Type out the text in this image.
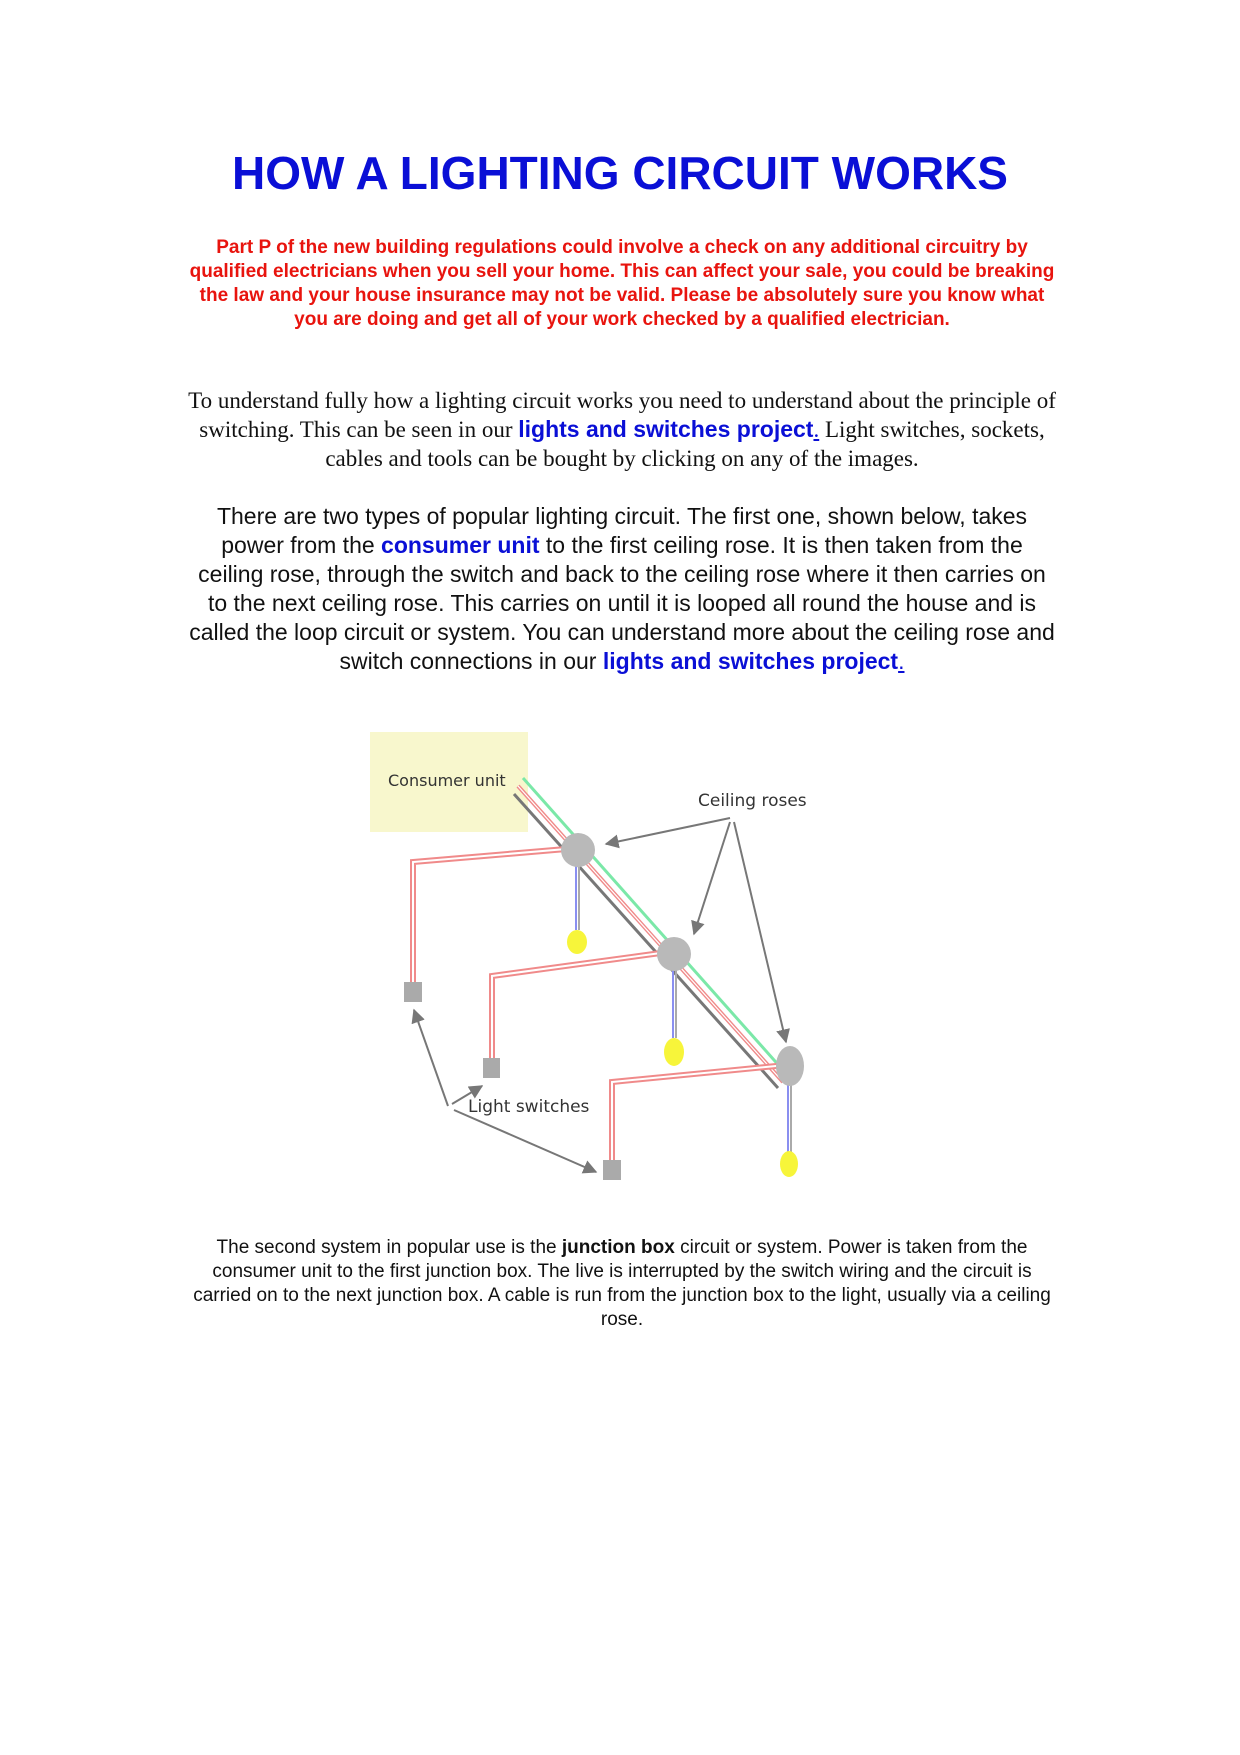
HOW A LIGHTING CIRCUIT WORKS

Part P of the new building regulations could involve a check on any additional circuitry by qualified electricians when you sell your home. This can affect your sale, you could be breaking the law and your house insurance may not be valid. Please be absolutely sure you know what you are doing and get all of your work checked by a qualified electrician.

To understand fully how a lighting circuit works you need to understand about the principle of switching. This can be seen in our lights and switches project. Light switches, sockets, cables and tools can be bought by clicking on any of the images.

There are two types of popular lighting circuit. The first one, shown below, takes power from the consumer unit to the first ceiling rose. It is then taken from the ceiling rose, through the switch and back to the ceiling rose where it then carries on to the next ceiling rose. This carries on until it is looped all round the house and is called the loop circuit or system. You can understand more about the ceiling rose and switch connections in our lights and switches project.

Consumer unit
Ceiling roses
Light switches

The second system in popular use is the junction box circuit or system. Power is taken from the consumer unit to the first junction box. The live is interrupted by the switch wiring and the circuit is carried on to the next junction box. A cable is run from the junction box to the light, usually via a ceiling rose.
